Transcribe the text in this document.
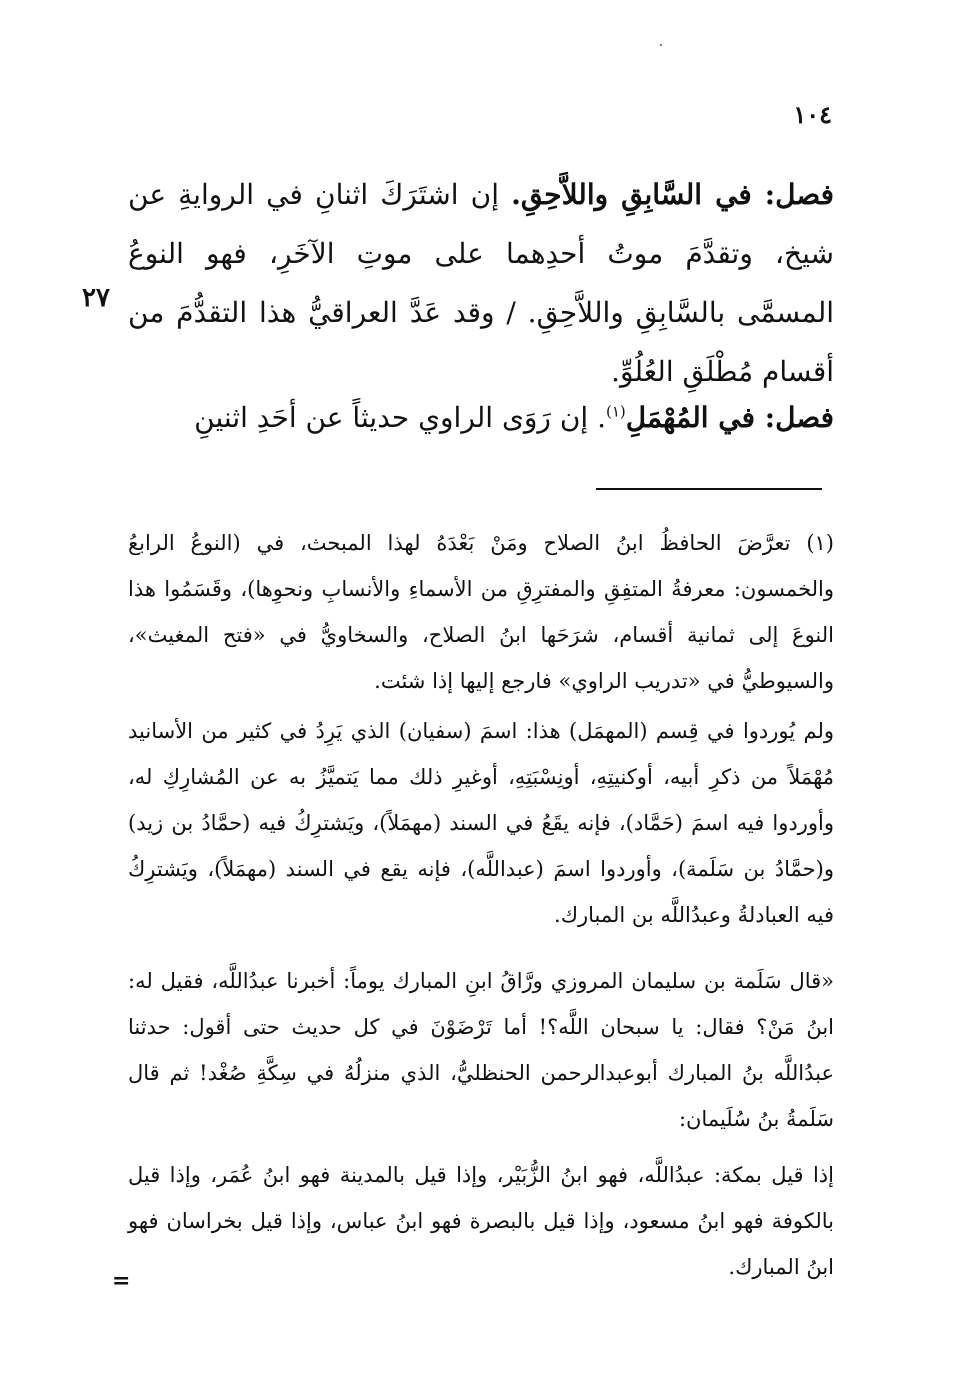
١٠٤
فصل: في السَّابِقِ واللاَّحِقِ. إن اشتَرَكَ اثنانِ في الروايةِ عن شيخ، وتقدَّمَ موتُ أحدِهما على موتِ الآخَرِ، فهو النوعُ المسمَّى بالسَّابِقِ واللاَّحِقِ. / وقد عَدَّ العراقيُّ هذا التقدُّمَ من أقسام مُطْلَقِ العُلُوِّ.
٢٧
فصل: في المُهْمَلِ$^{(١)}$. إن رَوَى الراوي حديثاً عن أحَدِ اثنينِ

(١) تعرَّضَ الحافظُ ابنُ الصلاح ومَنْ بَعْدَهُ لهذا المبحث، في (النوعُ الرابعُ والخمسون: معرفةُ المتفِقِ والمفترِقِ من الأسماءِ والأنسابِ ونحوِها)، وقَسَمُوا هذا النوعَ إلى ثمانية أقسام، شرَحَها ابنُ الصلاح، والسخاويُّ في «فتح المغيث»، والسيوطيُّ في «تدريب الراوي» فارجع إليها إذا شئت.

ولم يُوردوا في قِسم (المهمَل) هذا: اسمَ (سفيان) الذي يَرِدُ في كثير من الأسانيد مُهْمَلاً من ذكرِ أبيه، أوكنيتِهِ، أونِسْبَتِهِ، أوغيرِ ذلك مما يَتميَّزُ به عن المُشارِكِ له، وأوردوا فيه اسمَ (حَمَّاد)، فإنه يقَعُ في السند (مهمَلاً)، ويَشترِكُ فيه (حمَّادُ بن زيد) و(حمَّادُ بن سَلَمة)، وأوردوا اسمَ (عبداللَّه)، فإنه يقع في السند (مهمَلاً)، ويَشترِكُ فيه العبادلةُ وعبدُاللَّه بن المبارك.

«قال سَلَمة بن سليمان المروزي ورَّاقُ ابنِ المبارك يوماً: أخبرنا عبدُاللَّه، فقيل له: ابنُ مَنْ؟ فقال: يا سبحان اللَّه؟! أما تَرْضَوْنَ في كل حديث حتى أقول: حدثنا عبدُاللَّه بنُ المبارك أبوعبدالرحمن الحنظليُّ، الذي منزلُهُ في سِكَّةِ صُغْد! ثم قال سَلَمةُ بنُ سُلَيمان:

إذا قيل بمكة: عبدُاللَّه، فهو ابنُ الزُّبَيْر، وإذا قيل بالمدينة فهو ابنُ عُمَر، وإذا قيل بالكوفة فهو ابنُ مسعود، وإذا قيل بالبصرة فهو ابنُ عباس، وإذا قيل بخراسان فهو ابنُ المبارك.

=
